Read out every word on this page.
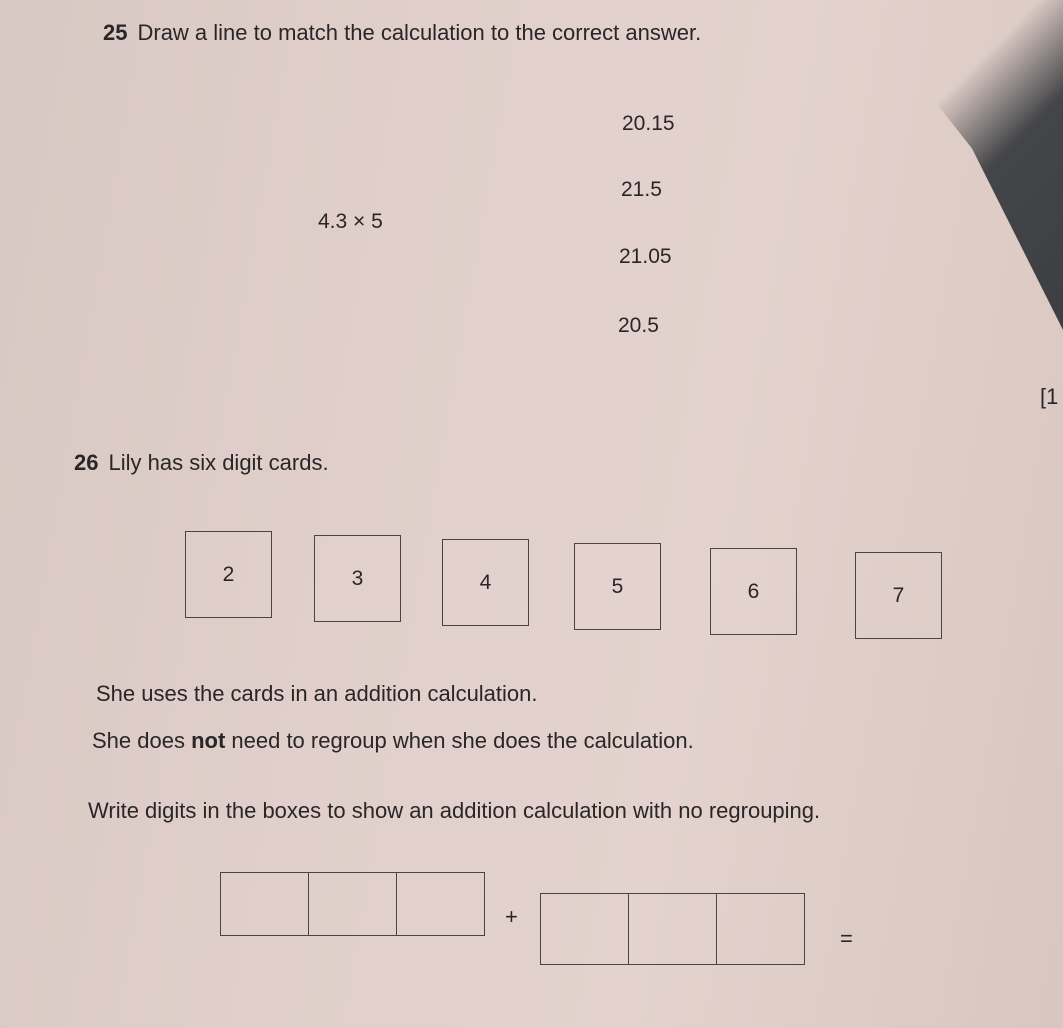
25 Draw a line to match the calculation to the correct answer.
4.3 × 5
20.15
21.5
21.05
20.5
[1
26 Lily has six digit cards.
2	3	4	5	6	7
She uses the cards in an addition calculation.
She does not need to regroup when she does the calculation.
Write digits in the boxes to show an addition calculation with no regrouping.
+
=
